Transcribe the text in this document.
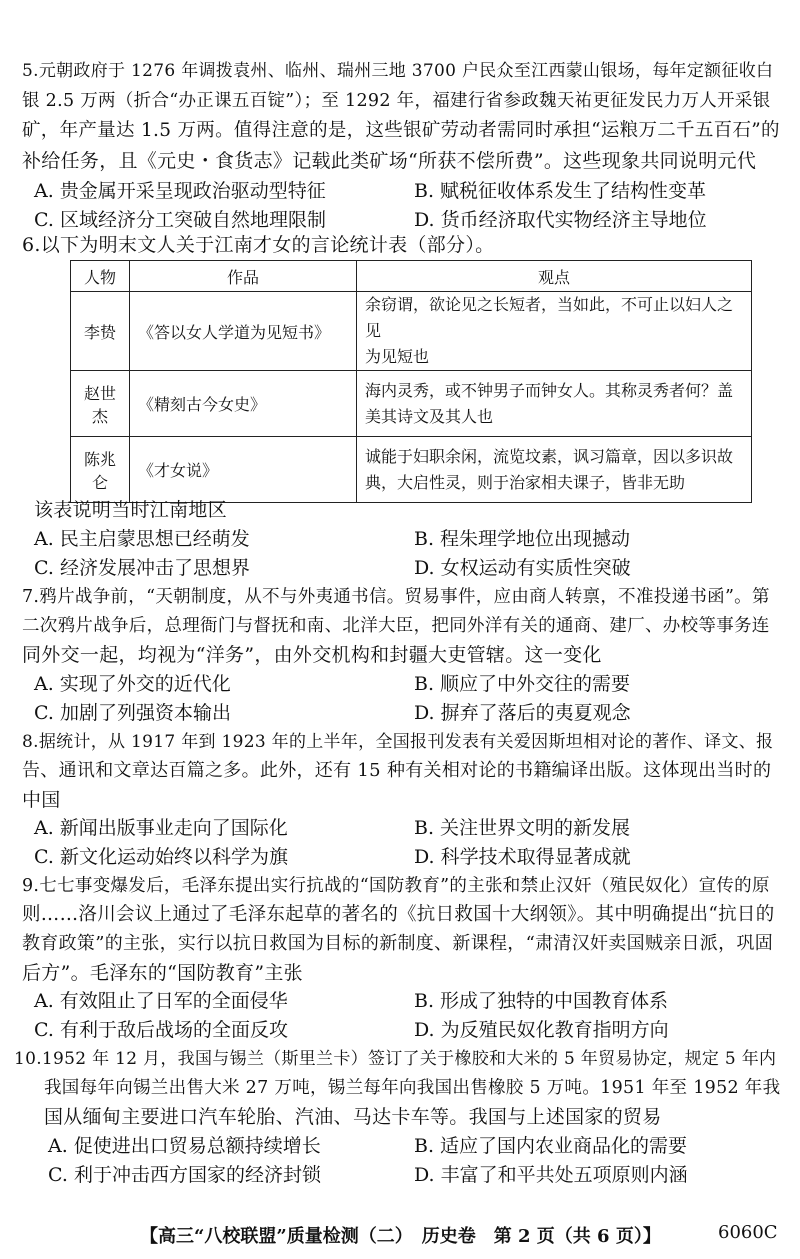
5.元朝政府于 1276 年调拨袁州、临州、瑞州三地 3700 户民众至江西蒙山银场，每年定额征收白
银 2.5 万两（折合“办正课五百锭”）；至 1292 年，福建行省参政魏天祐更征发民力万人开采银
矿，年产量达 1.5 万两。值得注意的是，这些银矿劳动者需同时承担“运粮万二千五百石”的
补给任务，且《元史・食货志》记载此类矿场“所获不偿所费”。这些现象共同说明元代
A. 贵金属开采呈现政治驱动型特征	B. 赋税征收体系发生了结构性变革
C. 区域经济分工突破自然地理限制	D. 货币经济取代实物经济主导地位
6.以下为明末文人关于江南才女的言论统计表（部分）。
人物	作品	观点
李贽	《答以女人学道为见短书》	余窃谓，欲论见之长短者，当如此，不可止以妇人之见
为见短也

赵世杰	《精刻古今女史》	海内灵秀，或不钟男子而钟女人。其称灵秀者何？盖
美其诗文及其人也

陈兆仑	《才女说》	诚能于妇职余闲，流览坟素，讽习篇章，因以多识故
典，大启性灵，则于治家相夫课子，皆非无助
该表说明当时江南地区
A. 民主启蒙思想已经萌发	B. 程朱理学地位出现撼动
C. 经济发展冲击了思想界	D. 女权运动有实质性突破
7.鸦片战争前，“天朝制度，从不与外夷通书信。贸易事件，应由商人转禀，不准投递书函”。第
二次鸦片战争后，总理衙门与督抚和南、北洋大臣，把同外洋有关的通商、建厂、办校等事务连
同外交一起，均视为“洋务”，由外交机构和封疆大吏管辖。这一变化
A. 实现了外交的近代化	B. 顺应了中外交往的需要
C. 加剧了列强资本输出	D. 摒弃了落后的夷夏观念
8.据统计，从 1917 年到 1923 年的上半年，全国报刊发表有关爱因斯坦相对论的著作、译文、报
告、通讯和文章达百篇之多。此外，还有 15 种有关相对论的书籍编译出版。这体现出当时的
中国
A. 新闻出版事业走向了国际化	B. 关注世界文明的新发展
C. 新文化运动始终以科学为旗	D. 科学技术取得显著成就
9.七七事变爆发后，毛泽东提出实行抗战的“国防教育”的主张和禁止汉奸（殖民奴化）宣传的原
则……洛川会议上通过了毛泽东起草的著名的《抗日救国十大纲领》。其中明确提出“抗日的
教育政策”的主张，实行以抗日救国为目标的新制度、新课程，“肃清汉奸卖国贼亲日派，巩固
后方”。毛泽东的“国防教育”主张
A. 有效阻止了日军的全面侵华	B. 形成了独特的中国教育体系
C. 有利于敌后战场的全面反攻	D. 为反殖民奴化教育指明方向
10.1952 年 12 月，我国与锡兰（斯里兰卡）签订了关于橡胶和大米的 5 年贸易协定，规定 5 年内
我国每年向锡兰出售大米 27 万吨，锡兰每年向我国出售橡胶 5 万吨。1951 年至 1952 年我
国从缅甸主要进口汽车轮胎、汽油、马达卡车等。我国与上述国家的贸易
A. 促使进出口贸易总额持续增长	B. 适应了国内农业商品化的需要
C. 利于冲击西方国家的经济封锁	D. 丰富了和平共处五项原则内涵
【高三“八校联盟”质量检测（二）　历史卷　第 2 页（共 6 页）】	6060C
